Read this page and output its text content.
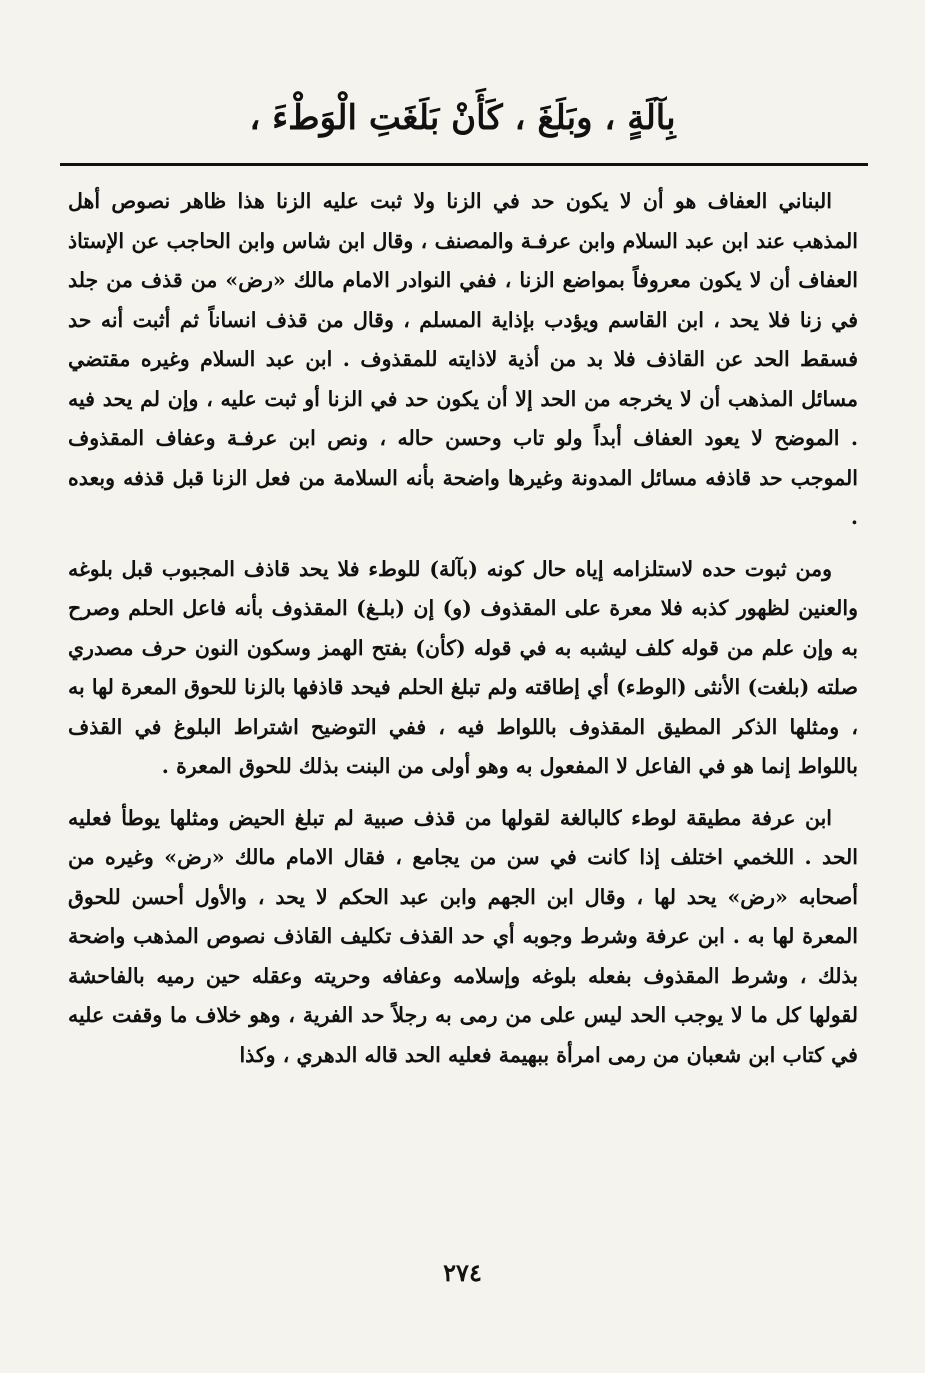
بِآلَةٍ ، وبَلَغَ ، كَأَنْ بَلَغَتِ الْوَطْءَ ،

البناني العفاف هو أن لا يكون حد في الزنا ولا ثبت عليه الزنا هذا ظاهر نصوص أهل المذهب عند ابن عبد السلام وابن عرفـة والمصنف ، وقال ابن شاس وابن الحاجب عن الإستاذ العفاف أن لا يكون معروفاً بمواضع الزنا ، ففي النوادر الامام مالك «رض» من قذف من جلد في زنا فلا يحد ، ابن القاسم ويؤدب بإذاية المسلم ، وقال من قذف انساناً ثم أثبت أنه حد فسقط الحد عن القاذف فلا بد من أذية لاذايته للمقذوف . ابن عبد السلام وغيره مقتضي مسائل المذهب أن لا يخرجه من الحد إلا أن يكون حد في الزنا أو ثبت عليه ، وإن لم يحد فيه . الموضح لا يعود العفاف أبداً ولو تاب وحسن حاله ، ونص ابن عرفـة وعفاف المقذوف الموجب حد قاذفه مسائل المدونة وغيرها واضحة بأنه السلامة من فعل الزنا قبل قذفه وبعده .

ومن ثبوت حده لاستلزامه إياه حال كونه (بآلة) للوطء فلا يحد قاذف المجبوب قبل بلوغه والعنين لظهور كذبه فلا معرة على المقذوف (و) إن (بلـغ) المقذوف بأنه فاعل الحلم وصرح به وإن علم من قوله كلف ليشبه به في قوله (كأن) بفتح الهمز وسكون النون حرف مصدري صلته (بلغت) الأنثى (الوطء) أي إطاقته ولم تبلغ الحلم فيحد قاذفها بالزنا للحوق المعرة لها به ، ومثلها الذكر المطيق المقذوف باللواط فيه ، ففي التوضيح اشتراط البلوغ في القذف باللواط إنما هو في الفاعل لا المفعول به وهو أولى من البنت بذلك للحوق المعرة .

ابن عرفة مطيقة لوطء كالبالغة لقولها من قذف صبية لم تبلغ الحيض ومثلها يوطأ فعليه الحد . اللخمي اختلف إذا كانت في سن من يجامع ، فقال الامام مالك «رض» وغيره من أصحابه «رض» يحد لها ، وقال ابن الجهم وابن عبد الحكم لا يحد ، والأول أحسن للحوق المعرة لها به . ابن عرفة وشرط وجوبه أي حد القذف تكليف القاذف نصوص المذهب واضحة بذلك ، وشرط المقذوف بفعله بلوغه وإسلامه وعفافه وحريته وعقله حين رميه بالفاحشة لقولها كل ما لا يوجب الحد ليس على من رمى به رجلاً حد الفرية ، وهو خلاف ما وقفت عليه في كتاب ابن شعبان من رمى امرأة ببهيمة فعليه الحد قاله الدهري ، وكذا

٢٧٤
